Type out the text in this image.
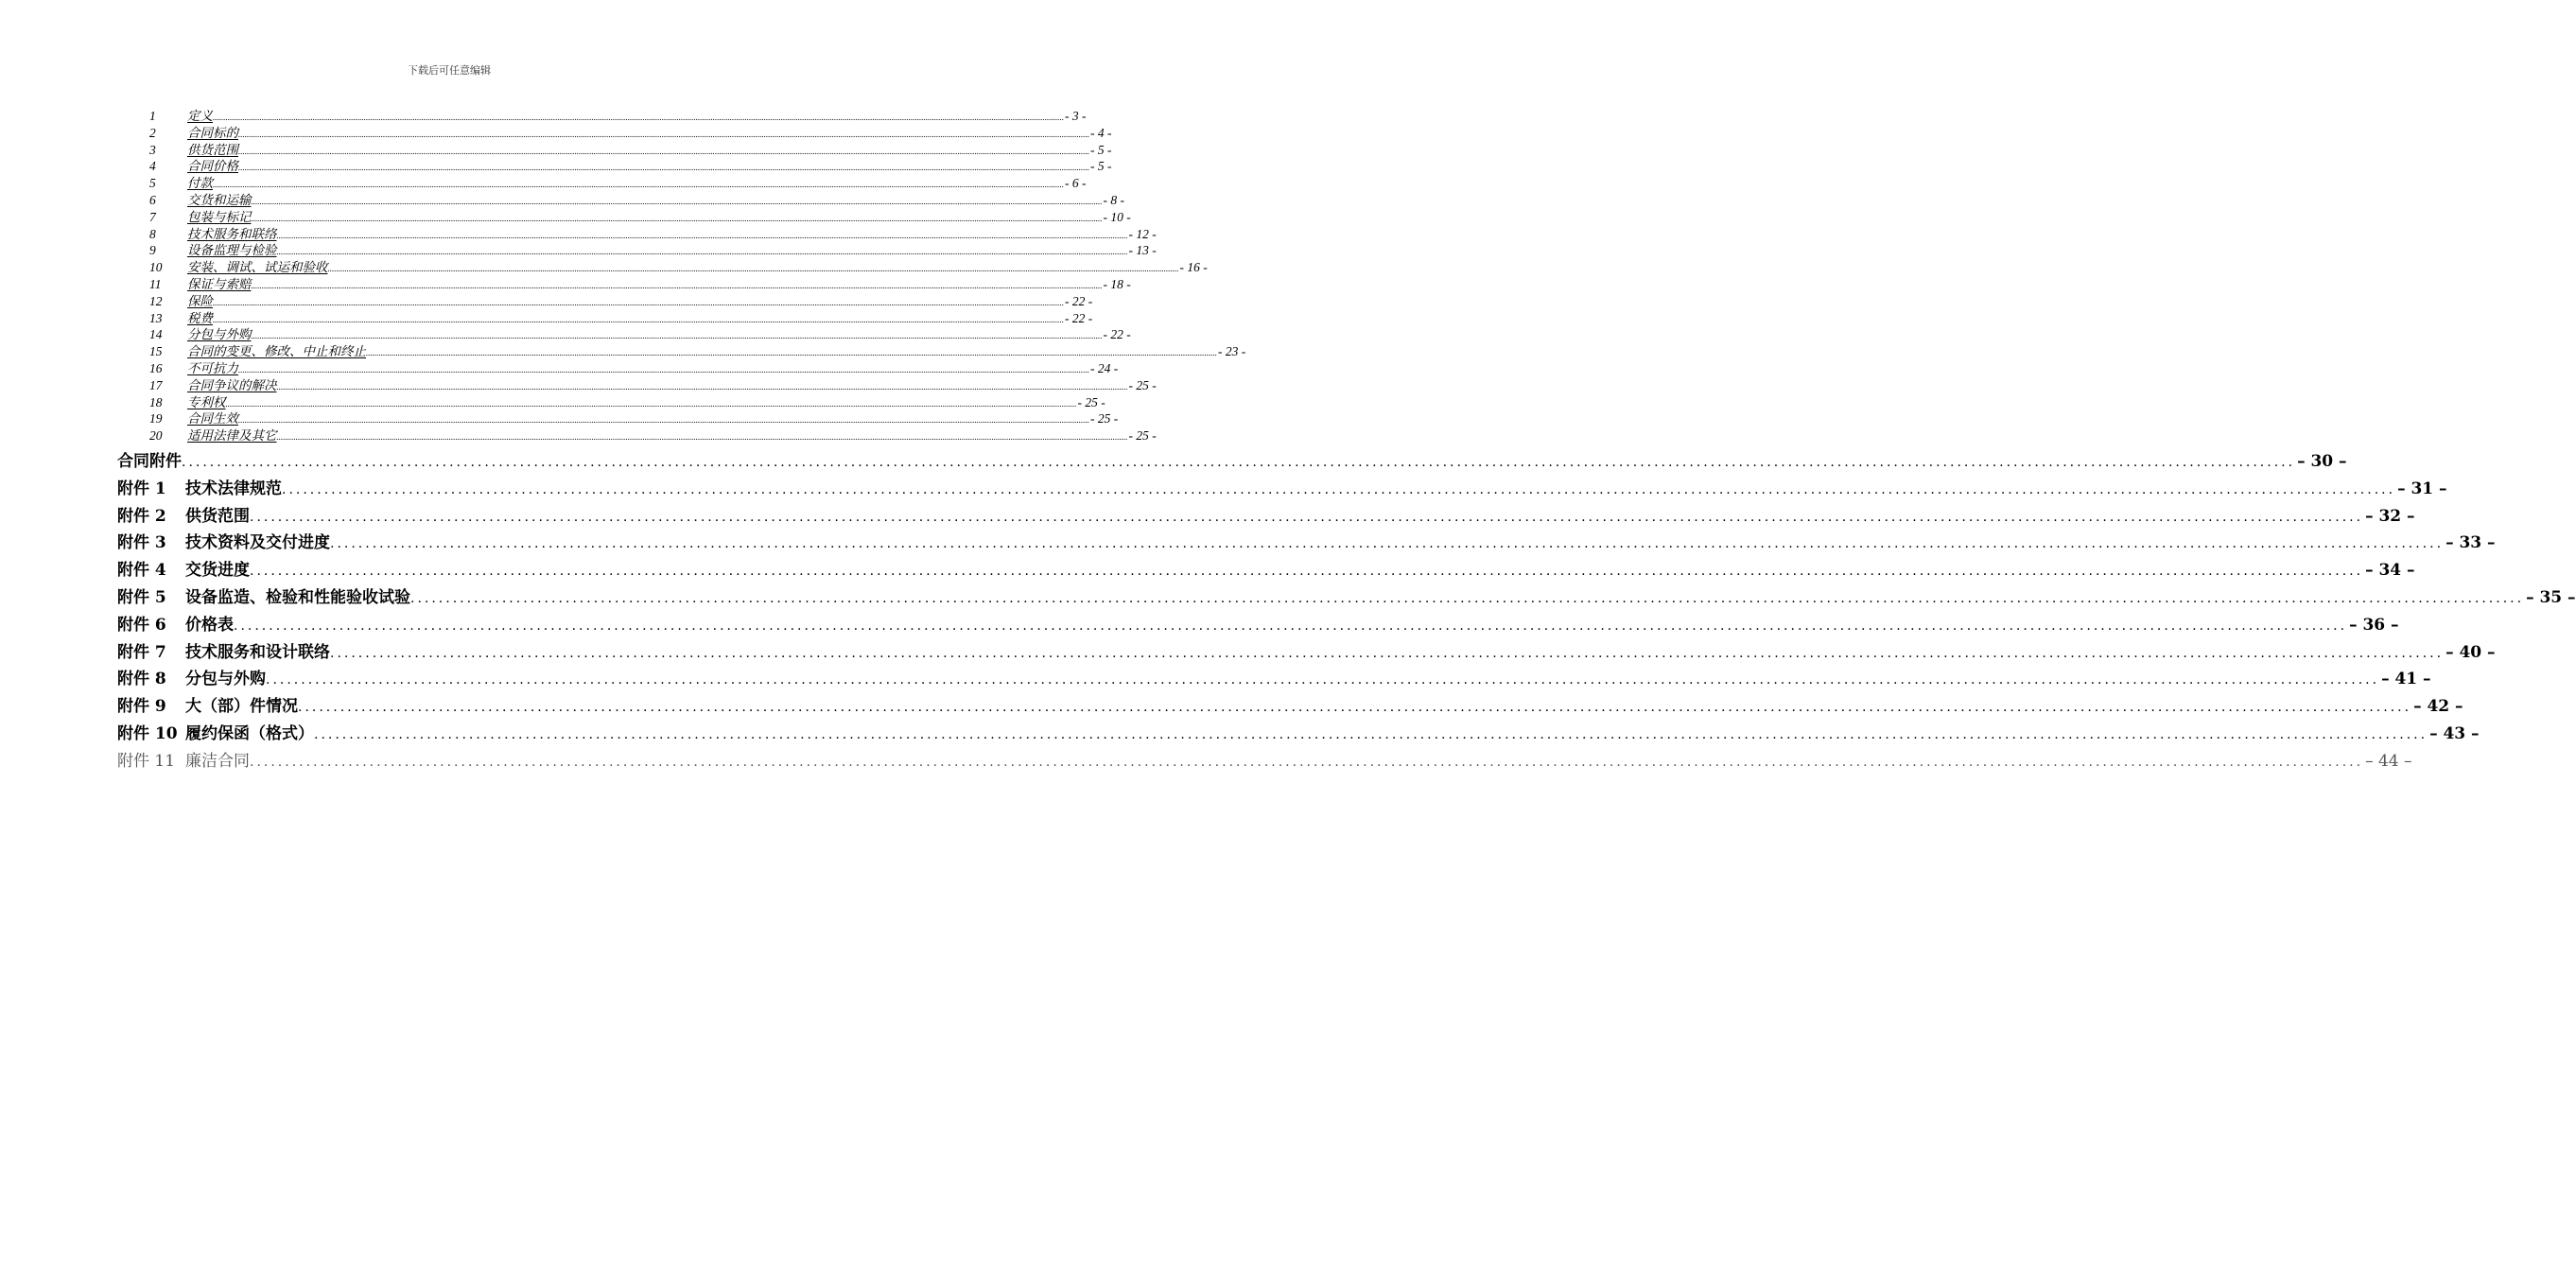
下载后可任意编辑
1	定义 ................................................................................................................................................................................................................................................................................................................................................................................................................ - 3 -
2	合同标的 ................................................................................................................................................................................................................................................................................................................................................................................................................ - 4 -
3	供货范围 ................................................................................................................................................................................................................................................................................................................................................................................................................ - 5 -
4	合同价格 ................................................................................................................................................................................................................................................................................................................................................................................................................ - 5 -
5	付款 ................................................................................................................................................................................................................................................................................................................................................................................................................ - 6 -
6	交货和运输 ................................................................................................................................................................................................................................................................................................................................................................................................................ - 8 -
7	包装与标记 ................................................................................................................................................................................................................................................................................................................................................................................................................ - 10 -
8	技术服务和联络 ................................................................................................................................................................................................................................................................................................................................................................................................................ - 12 -
9	设备监理与检验 ................................................................................................................................................................................................................................................................................................................................................................................................................ - 13 -
10	安装、调试、试运和验收 ................................................................................................................................................................................................................................................................................................................................................................................................................ - 16 -
11	保证与索赔 ................................................................................................................................................................................................................................................................................................................................................................................................................ - 18 -
12	保险 ................................................................................................................................................................................................................................................................................................................................................................................................................ - 22 -
13	税费 ................................................................................................................................................................................................................................................................................................................................................................................................................ - 22 -
14	分包与外购 ................................................................................................................................................................................................................................................................................................................................................................................................................ - 22 -
15	合同的变更、修改、中止和终止 ................................................................................................................................................................................................................................................................................................................................................................................................................ - 23 -
16	不可抗力 ................................................................................................................................................................................................................................................................................................................................................................................................................ - 24 -
17	合同争议的解决 ................................................................................................................................................................................................................................................................................................................................................................................................................ - 25 -
18	专利权 ................................................................................................................................................................................................................................................................................................................................................................................................................ - 25 -
19	合同生效 ................................................................................................................................................................................................................................................................................................................................................................................................................ - 25 -
20	适用法律及其它 ................................................................................................................................................................................................................................................................................................................................................................................................................ - 25 -
合同附件 ............................................................................................................................................................................................................................................................................................................ – 30 –
附件 1 技术法律规范 ............................................................................................................................................................................................................................................................................................................ – 31 –
附件 2 供货范围 ............................................................................................................................................................................................................................................................................................................ – 32 –
附件 3 技术资料及交付进度 ............................................................................................................................................................................................................................................................................................................ – 33 –
附件 4 交货进度 ............................................................................................................................................................................................................................................................................................................ – 34 –
附件 5 设备监造、检验和性能验收试验 ............................................................................................................................................................................................................................................................................................................ – 35 –
附件 6 价格表 ............................................................................................................................................................................................................................................................................................................ – 36 –
附件 7 技术服务和设计联络 ............................................................................................................................................................................................................................................................................................................ – 40 –
附件 8 分包与外购 ............................................................................................................................................................................................................................................................................................................ – 41 –
附件 9 大（部）件情况 ............................................................................................................................................................................................................................................................................................................ – 42 –
附件 10 履约保函（格式） ............................................................................................................................................................................................................................................................................................................ – 43 –
附件 11 廉洁合同 ............................................................................................................................................................................................................................................................................................................ – 44 –
